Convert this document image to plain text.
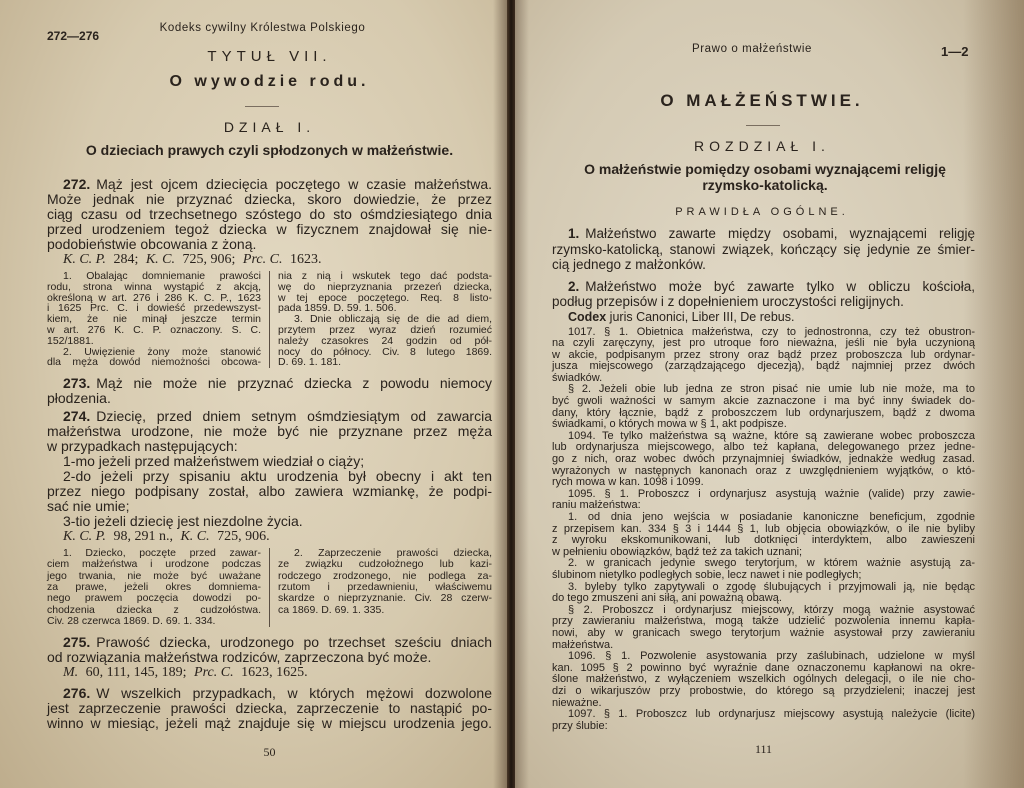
272—276
Kodeks cywilny Królestwa Polskiego
TYTUŁ VII.
O wywodzie rodu.
DZIAŁ I.
O dzieciach prawych czyli spłodzonych w małżeństwie.
272. Mąż jest ojcem dziecięcia poczętego w czasie małżeństwa.
Może jednak nie przyznać dziecka, skoro dowiedzie, że przez
ciąg czasu od trzechsetnego szóstego do sto ośmdziesiątego dnia
przed urodzeniem tegoż dziecka w fizycznem znajdował się nie-
podobieństwie obcowania z żoną.
K. C. P. 284; K. C. 725, 906; Prc. C. 1623.
1. Obalając domniemanie prawości
rodu, strona winna wystąpić z akcją,
określoną w art. 276 i 286 K. C. P., 1623
i 1625 Prc. C. i dowieść przedewszyst-
kiem, że nie minął jeszcze termin
w art. 276 K. C. P. oznaczony. S. C.
152/1881.
2. Uwięzienie żony może stanowić
dla męża dowód niemożności obcowa-
nia z nią i wskutek tego dać podsta-
wę do nieprzyznania przezeń dziecka,
w tej epoce poczętego. Req. 8 listo-
pada 1859. D. 59. 1. 506.
3. Dnie obliczają się de die ad diem,
przytem przez wyraz dzień rozumieć
należy czasokres 24 godzin od pół-
nocy do północy. Civ. 8 lutego 1869.
D. 69. 1. 181.
273. Mąż nie może nie przyznać dziecka z powodu niemocy
płodzenia.
274. Dziecię, przed dniem setnym ośmdziesiątym od zawarcia
małżeństwa urodzone, nie może być nie przyznane przez męża
w przypadkach następujących:
1-mo jeżeli przed małżeństwem wiedział o ciąży;
2-do jeżeli przy spisaniu aktu urodzenia był obecny i akt ten
przez niego podpisany został, albo zawiera wzmiankę, że podpi-
sać nie umie;
3-tio jeżeli dziecię jest niezdolne życia.
K. C. P. 98, 291 n., K. C. 725, 906.
1. Dziecko, poczęte przed zawar-
ciem małżeństwa i urodzone podczas
jego trwania, nie może być uważane
za prawe, jeżeli okres domniema-
nego prawem poczęcia dowodzi po-
chodzenia dziecka z cudzołóstwa.
Civ. 28 czerwca 1869. D. 69. 1. 334.
2. Zaprzeczenie prawości dziecka,
ze związku cudzołożnego lub kazi-
rodczego zrodzonego, nie podlega za-
rzutom i przedawnieniu, właściwemu
skardze o nieprzyznanie. Civ. 28 czerw-
ca 1869. D. 69. 1. 335.
275. Prawość dziecka, urodzonego po trzechset sześciu dniach
od rozwiązania małżeństwa rodziców, zaprzeczona być może.
M. 60, 111, 145, 189; Prc. C. 1623, 1625.
276. W wszelkich przypadkach, w których mężowi dozwolone
jest zaprzeczenie prawości dziecka, zaprzeczenie to nastąpić po-
winno w miesiąc, jeżeli mąż znajduje się w miejscu urodzenia jego.
50
Prawo o małżeństwie	1—2
O MAŁŻEŃSTWIE.
ROZDZIAŁ I.
O małżeństwie pomiędzy osobami wyznającemi religję
rzymsko-katolicką.
PRAWIDŁA OGÓLNE.
1. Małżeństwo zawarte między osobami, wyznającemi religję
rzymsko-katolicką, stanowi związek, kończący się jedynie ze śmier-
cią jednego z małżonków.
2. Małżeństwo może być zawarte tylko w obliczu kościoła,
podług przepisów i z dopełnieniem uroczystości religijnych.
Codex juris Canonici, Liber III, De rebus.
1017. § 1. Obietnica małżeństwa, czy to jednostronna, czy też obustron-
na czyli zaręczyny, jest pro utroque foro nieważna, jeśli nie była uczynioną
w akcie, podpisanym przez strony oraz bądź przez proboszcza lub ordynar-
jusza miejscowego (zarządzającego djecezją), bądź najmniej przez dwóch
świadków.
§ 2. Jeżeli obie lub jedna ze stron pisać nie umie lub nie może, ma to
być gwoli ważności w samym akcie zaznaczone i ma być inny świadek do-
dany, który łącznie, bądź z proboszczem lub ordynarjuszem, bądź z dwoma
świadkami, o których mowa w § 1, akt podpisze.
1094. Te tylko małżeństwa są ważne, które są zawierane wobec proboszcza
lub ordynarjusza miejscowego, albo też kapłana, delegowanego przez jedne-
go z nich, oraz wobec dwóch przynajmniej świadków, jednakże według zasad.
wyrażonych w następnych kanonach oraz z uwzględnieniem wyjątków, o któ-
rych mowa w kan. 1098 i 1099.
1095. § 1. Proboszcz i ordynarjusz asystują ważnie (valide) przy zawie-
raniu małżeństwa:
1. od dnia jeno wejścia w posiadanie kanoniczne beneficjum, zgodnie
z przepisem kan. 334 § 3 i 1444 § 1, lub objęcia obowiązków, o ile nie byliby
z wyroku ekskomunikowani, lub dotknięci interdyktem, albo zawieszeni
w pełnieniu obowiązków, bądź też za takich uznani;
2. w granicach jedynie swego terytorjum, w którem ważnie asystują za-
ślubinom nietylko podległych sobie, lecz nawet i nie podległych;
3. byleby tylko zapytywali o zgodę ślubujących i przyjmowali ją, nie będąc
do tego zmuszeni ani siłą, ani poważną obawą.
§ 2. Proboszcz i ordynarjusz miejscowy, którzy mogą ważnie asystować
przy zawieraniu małżeństwa, mogą także udzielić pozwolenia innemu kapła-
nowi, aby w granicach swego terytorjum ważnie asystował przy zawieraniu
małżeństwa.
1096. § 1. Pozwolenie asystowania przy zaślubinach, udzielone w myśl
kan. 1095 § 2 powinno być wyraźnie dane oznaczonemu kapłanowi na okre-
ślone małżeństwo, z wyłączeniem wszelkich ogólnych delegacji, o ile nie cho-
dzi o wikarjuszów przy probostwie, do którego są przydzieleni; inaczej jest
nieważne.
1097. § 1. Proboszcz lub ordynarjusz miejscowy asystują należycie (licite)
przy ślubie:
111
